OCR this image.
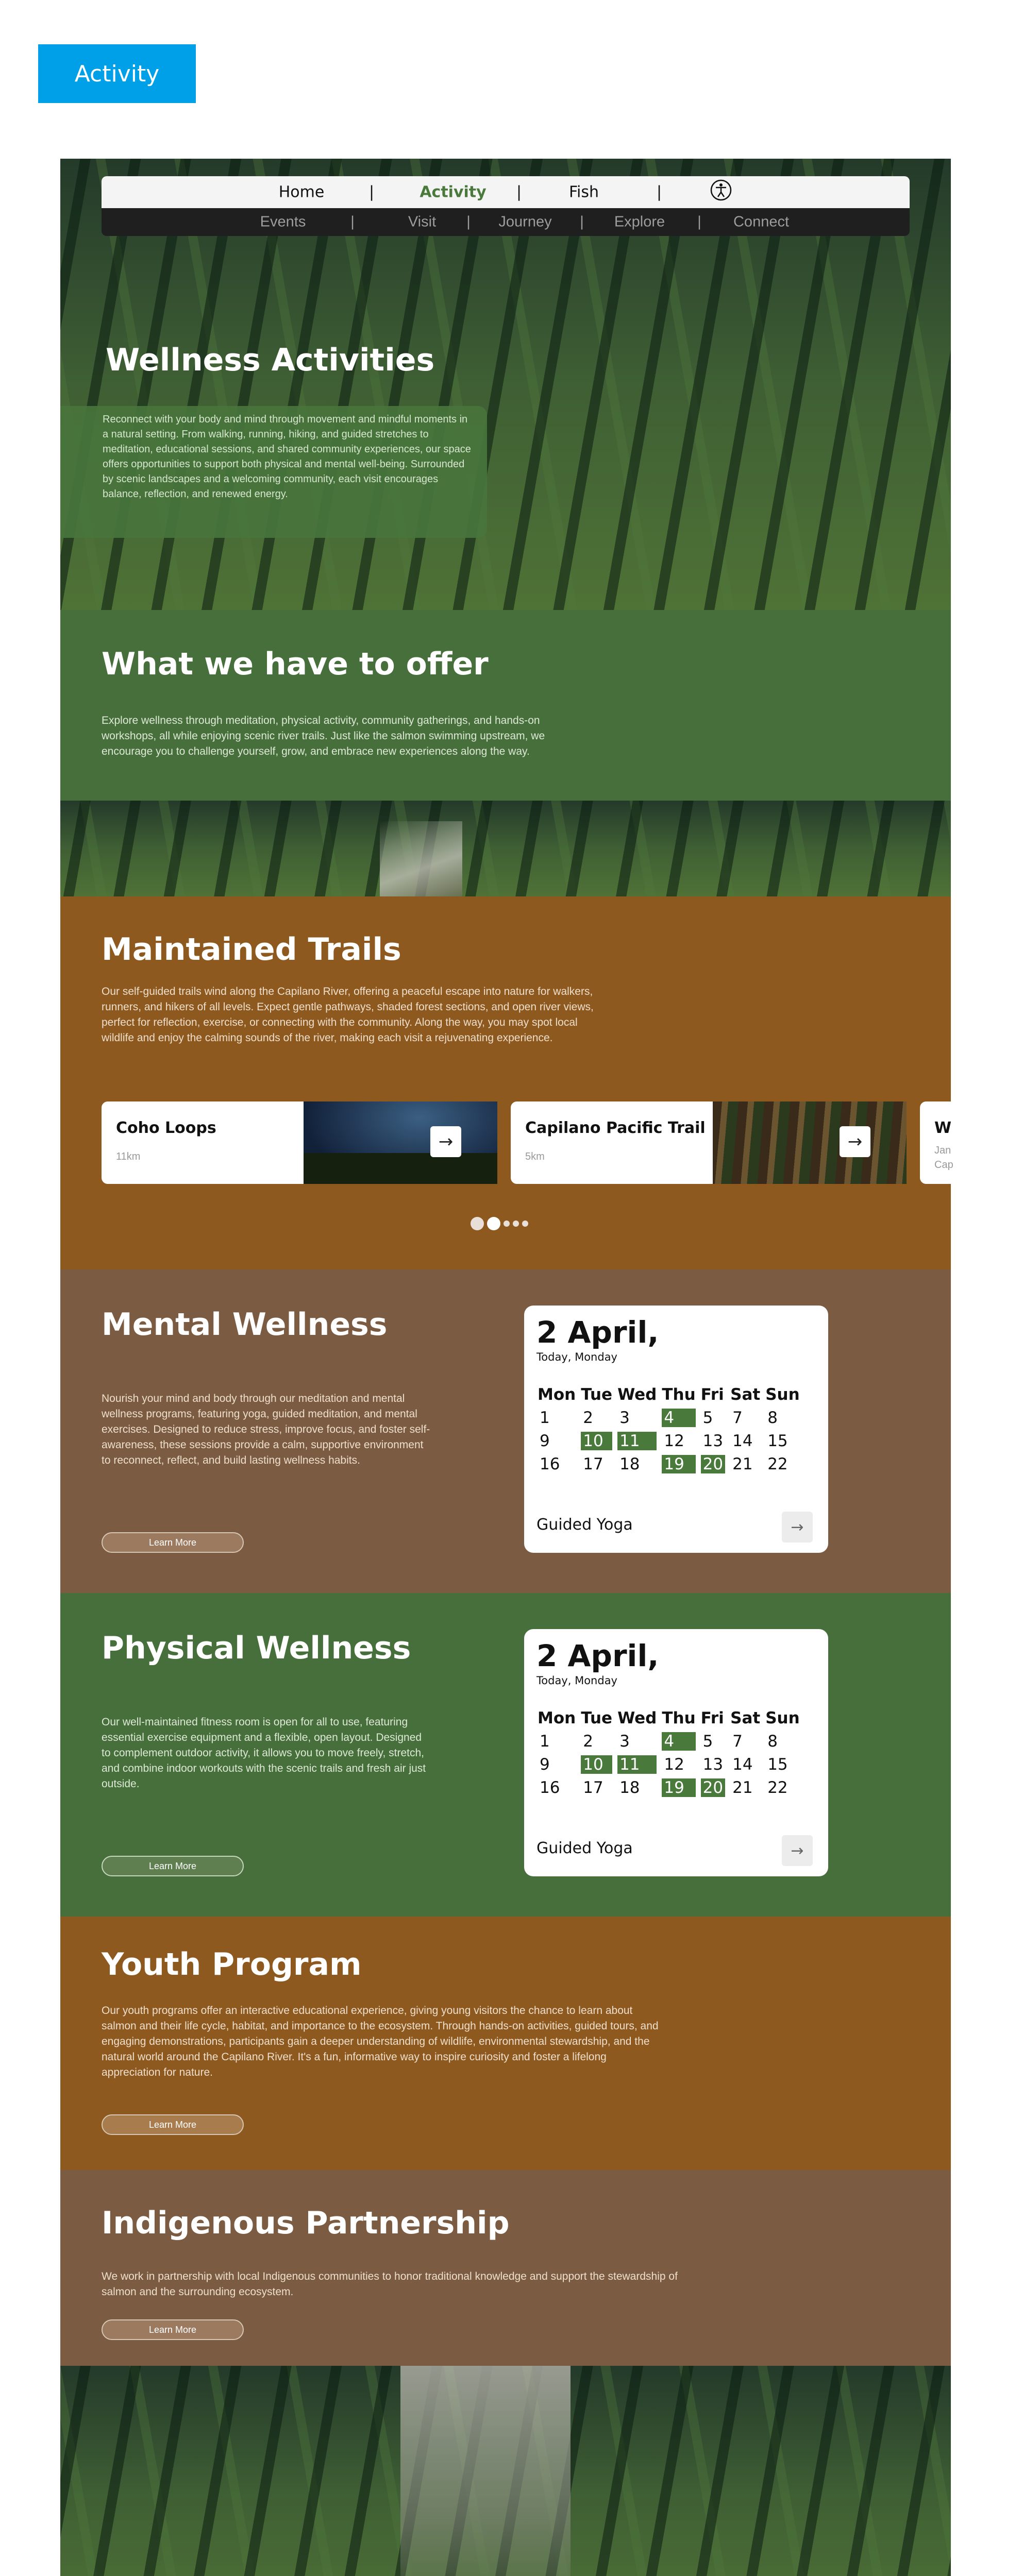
Activity
Home	|	Activity |	Fish	|
Events	|	Visit | Journey | Explore | Connect
Wellness Activities

Reconnect with your body and mind through movement and mindful moments in a natural setting. From walking, running, hiking, and guided stretches to meditation, educational sessions, and shared community experiences, our space offers opportunities to support both physical and mental well-being. Surrounded by scenic landscapes and a welcoming community, each visit encourages balance, reflection, and renewed energy.

What we have to offer

Explore wellness through meditation, physical activity, community gatherings, and hands-on workshops, all while enjoying scenic river trails. Just like the salmon swimming upstream, we encourage you to challenge yourself, grow, and embrace new experiences along the way.

Maintained Trails

Our self-guided trails wind along the Capilano River, offering a peaceful escape into nature for walkers, runners, and hikers of all levels. Expect gentle pathways, shaded forest sections, and open river views, perfect for reflection, exercise, or connecting with the community. Along the way, you may spot local wildlife and enjoy the calming sounds of the river, making each visit a rejuvenating experience.

Coho Loops
11km
→
Capilano Pacific Trail
5km
→
W
Jan
Cap
Mental Wellness

Nourish your mind and body through our meditation and mental wellness programs, featuring yoga, guided meditation, and mental exercises. Designed to reduce stress, improve focus, and foster self-awareness, these sessions provide a calm, supportive environment to reconnect, reflect, and build lasting wellness habits.

Learn More
2 April,
Today, Monday
Mon	Tue	Wed	Thu	Fri	Sat	Sun
1	2	3	4	5	7	8
9	10	11	12	13	14	15
16	17	18	19	20	21	22
Guided Yoga	→
Physical Wellness

Our well-maintained fitness room is open for all to use, featuring essential exercise equipment and a flexible, open layout. Designed to complement outdoor activity, it allows you to move freely, stretch, and combine indoor workouts with the scenic trails and fresh air just outside.

Learn More
2 April,
Today, Monday
Mon	Tue	Wed	Thu	Fri	Sat	Sun
1	2	3	4	5	7	8
9	10	11	12	13	14	15
16	17	18	19	20	21	22
Guided Yoga	→
Youth Program

Our youth programs offer an interactive educational experience, giving young visitors the chance to learn about salmon and their life cycle, habitat, and importance to the ecosystem. Through hands-on activities, guided tours, and engaging demonstrations, participants gain a deeper understanding of wildlife, environmental stewardship, and the natural world around the Capilano River. It's a fun, informative way to inspire curiosity and foster a lifelong appreciation for nature.

Learn More
Indigenous Partnership

We work in partnership with local Indigenous communities to honor traditional knowledge and support the stewardship of salmon and the surrounding ecosystem.

Learn More
